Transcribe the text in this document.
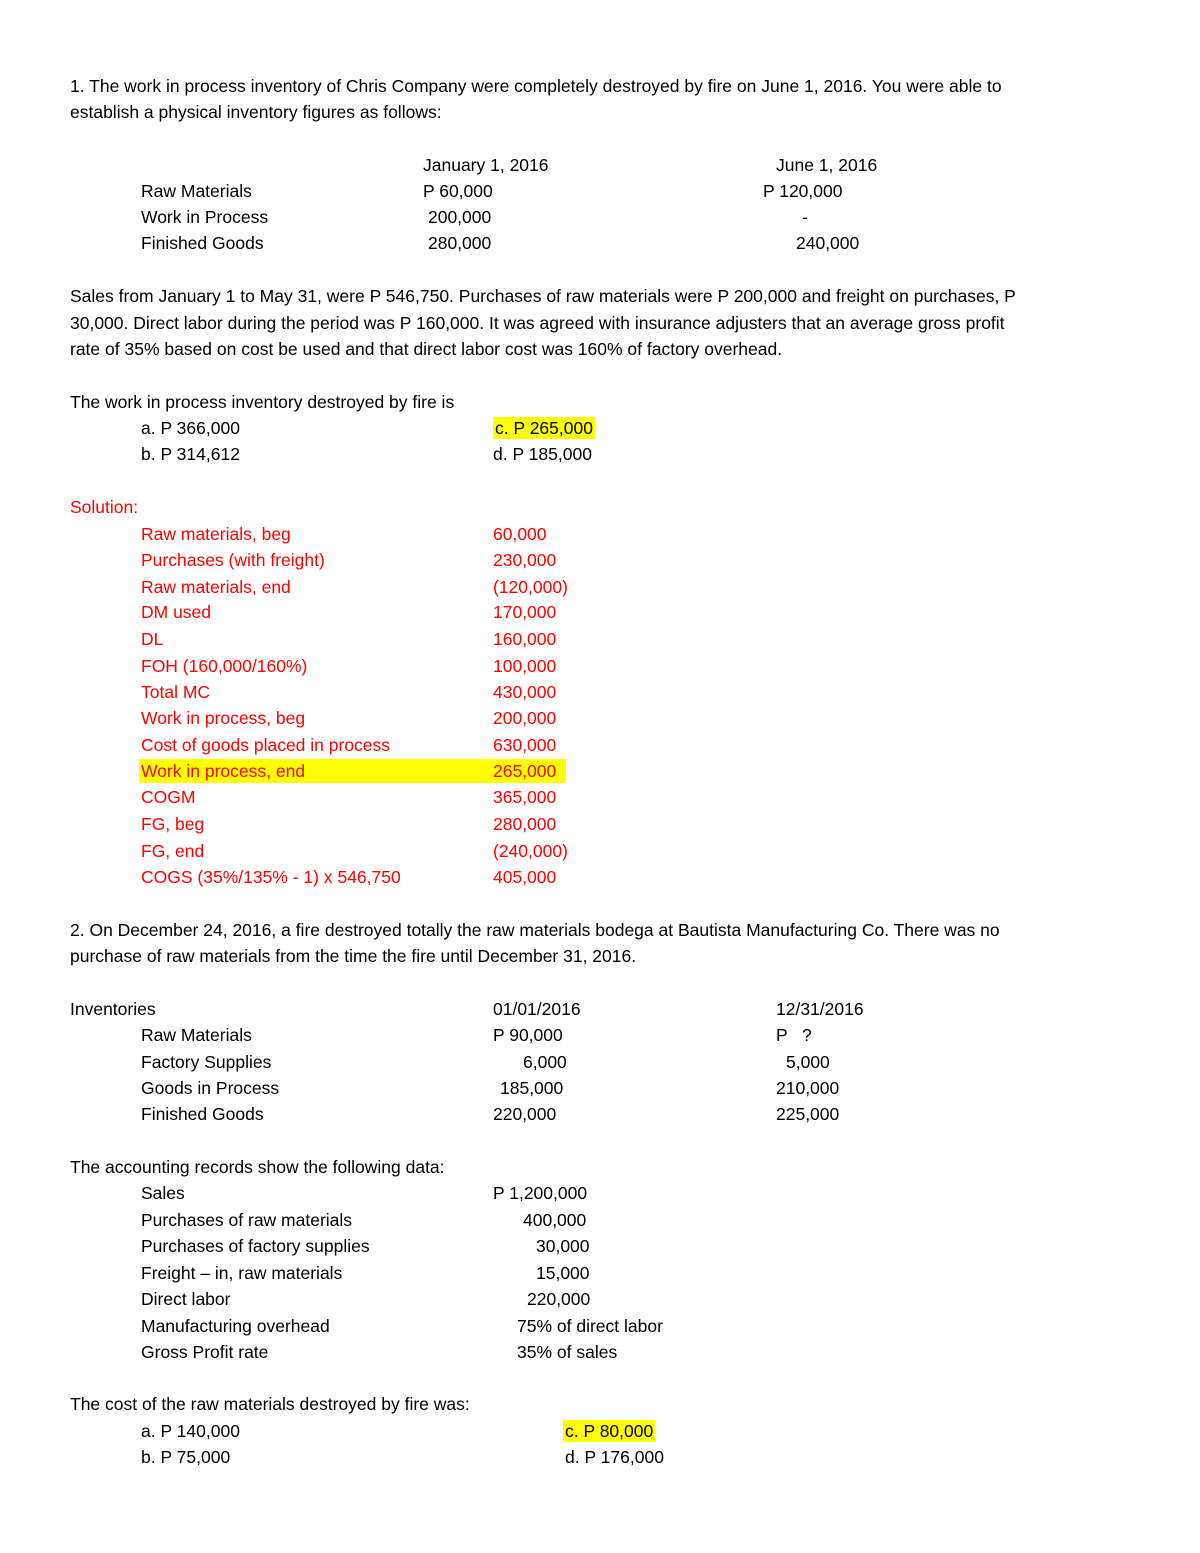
1. The work in process inventory of Chris Company were completely destroyed by fire on June 1, 2016. You were able to
establish a physical inventory figures as follows:
January 1, 2016	June 1, 2016
Raw Materials	P 60,000	P 120,000
Work in Process	200,000	-
Finished Goods	280,000	240,000
Sales from January 1 to May 31, were P 546,750. Purchases of raw materials were P 200,000 and freight on purchases, P
30,000. Direct labor during the period was P 160,000. It was agreed with insurance adjusters that an average gross profit
rate of 35% based on cost be used and that direct labor cost was 160% of factory overhead.
The work in process inventory destroyed by fire is
a. P 366,000	c. P 265,000
b. P 314,612	d. P 185,000
Solution:
Raw materials, beg	60,000
Purchases (with freight)	230,000
Raw materials, end	(120,000)
DM used	170,000
DL	160,000
FOH (160,000/160%)	100,000
Total MC	430,000
Work in process, beg	200,000
Cost of goods placed in process	630,000
Work in process, end	265,000
COGM	365,000
FG, beg	280,000
FG, end	(240,000)
COGS (35%/135% - 1) x 546,750	405,000
2. On December 24, 2016, a fire destroyed totally the raw materials bodega at Bautista Manufacturing Co. There was no
purchase of raw materials from the time the fire until December 31, 2016.
Inventories	01/01/2016	12/31/2016
Raw Materials	P 90,000	P   ?
Factory Supplies	6,000	5,000
Goods in Process	185,000	210,000
Finished Goods	220,000	225,000
The accounting records show the following data:
Sales	P 1,200,000
Purchases of raw materials	400,000
Purchases of factory supplies	30,000
Freight – in, raw materials	15,000
Direct labor	220,000
Manufacturing overhead	75% of direct labor
Gross Profit rate	35% of sales
The cost of the raw materials destroyed by fire was:
a. P 140,000	c. P 80,000
b. P 75,000	d. P 176,000
